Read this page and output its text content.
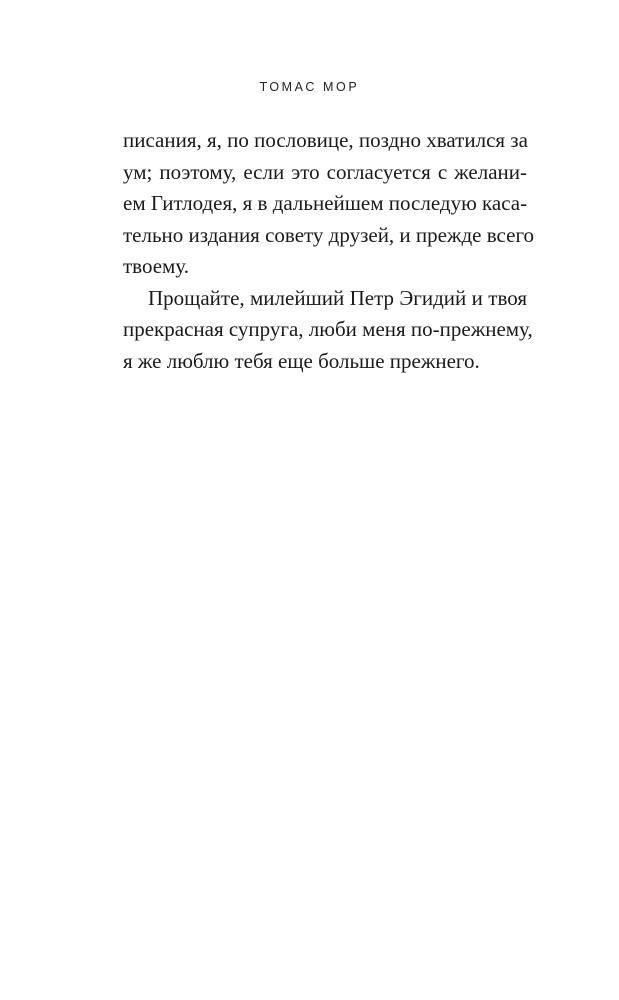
ТОМАС МОР
писания, я, по пословице, поздно хватился за
ум; поэтому, если это согласуется с желани-
ем Гитлодея, я в дальнейшем последую каса-
тельно издания совету друзей, и прежде всего
твоему.
Прощайте, милейший Петр Эгидий и твоя
прекрасная супруга, люби меня по-прежнему,
я же люблю тебя еще больше прежнего.
